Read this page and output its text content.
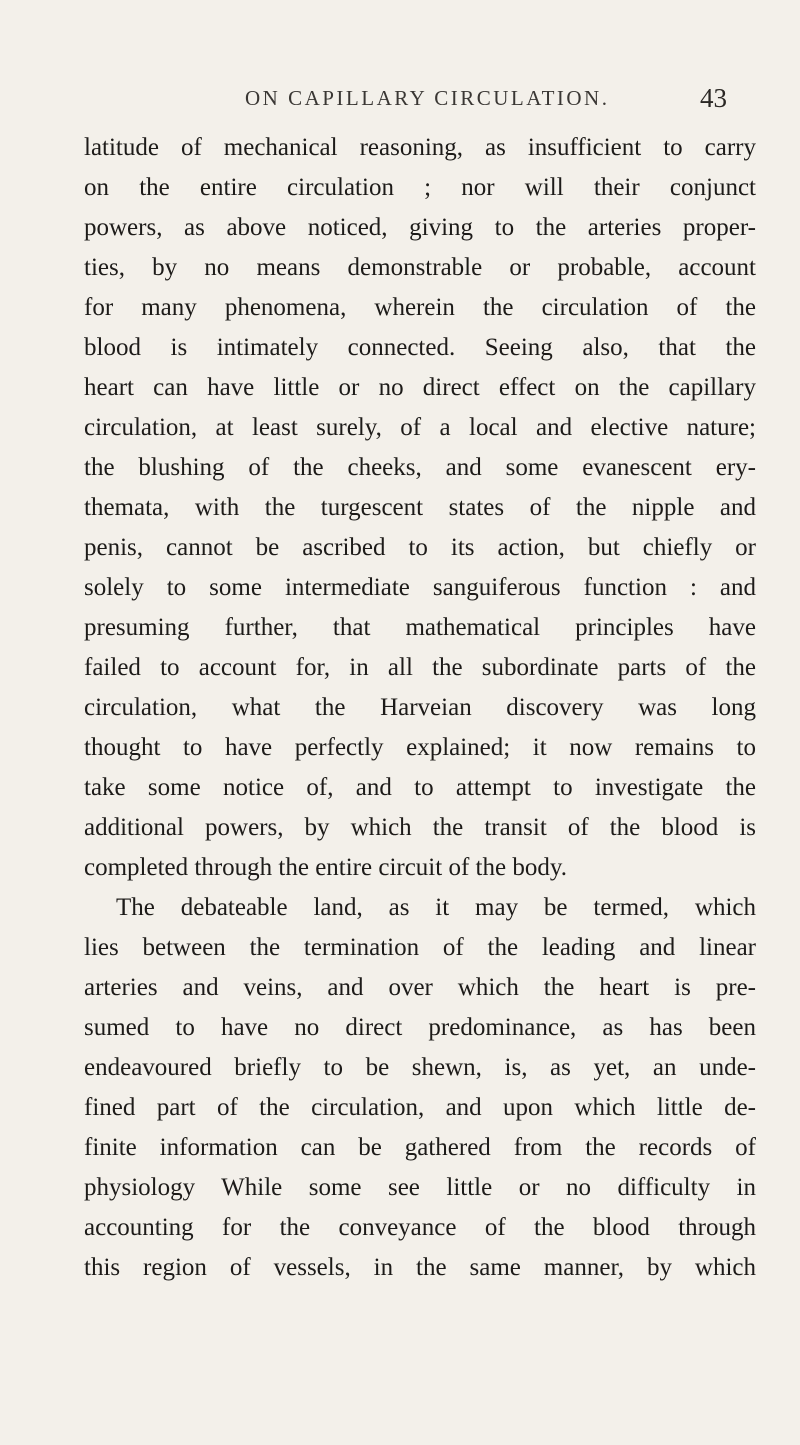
ON CAPILLARY CIRCULATION.	43
latitude of mechanical reasoning, as insufficient to carry
on the entire circulation ; nor will their conjunct
powers, as above noticed, giving to the arteries proper-
ties, by no means demonstrable or probable, account
for many phenomena, wherein the circulation of the
blood is intimately connected. Seeing also, that the
heart can have little or no direct effect on the capillary
circulation, at least surely, of a local and elective nature;
the blushing of the cheeks, and some evanescent ery-
themata, with the turgescent states of the nipple and
penis, cannot be ascribed to its action, but chiefly or
solely to some intermediate sanguiferous function : and
presuming further, that mathematical principles have
failed to account for, in all the subordinate parts of the
circulation, what the Harveian discovery was long
thought to have perfectly explained; it now remains to
take some notice of, and to attempt to investigate the
additional powers, by which the transit of the blood is
completed through the entire circuit of the body.
The debateable land, as it may be termed, which
lies between the termination of the leading and linear
arteries and veins, and over which the heart is pre-
sumed to have no direct predominance, as has been
endeavoured briefly to be shewn, is, as yet, an unde-
fined part of the circulation, and upon which little de-
finite information can be gathered from the records of
physiology While some see little or no difficulty in
accounting for the conveyance of the blood through
this region of vessels, in the same manner, by which
